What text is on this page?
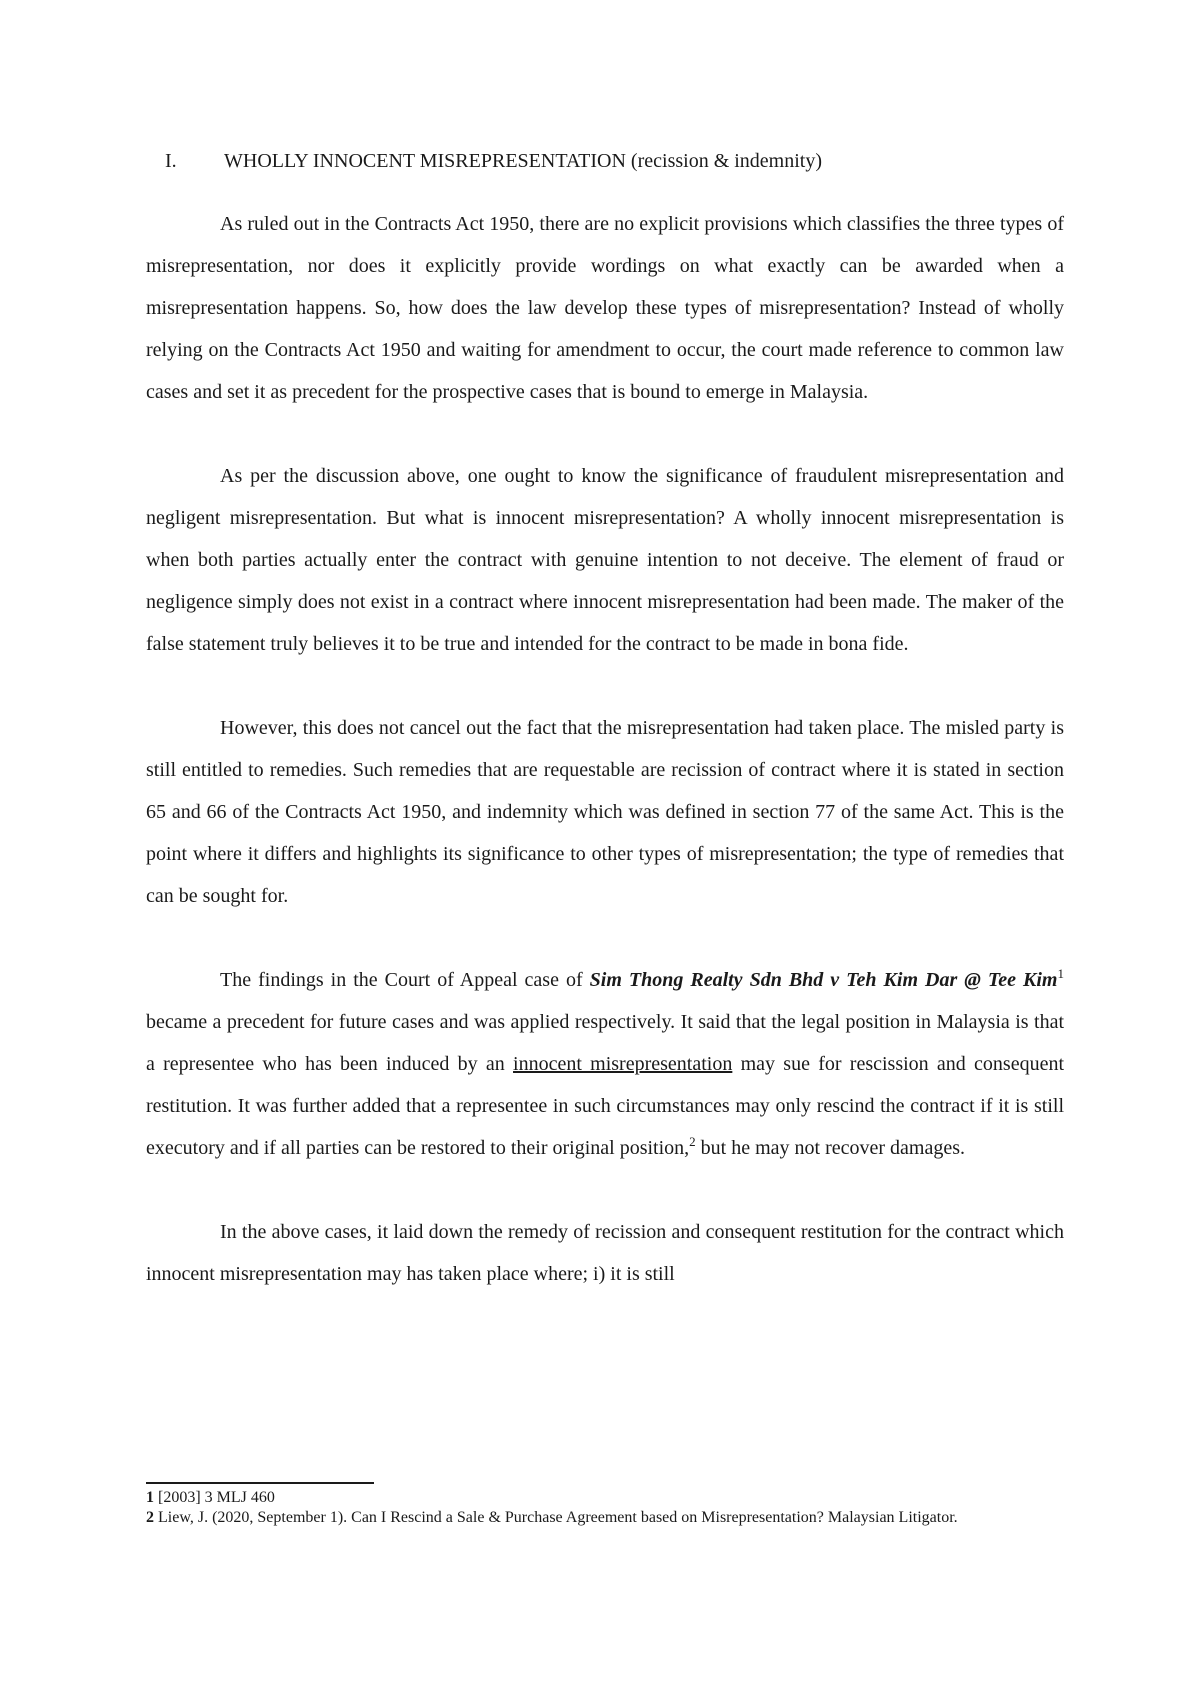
I. WHOLLY INNOCENT MISREPRESENTATION (recission & indemnity)

As ruled out in the Contracts Act 1950, there are no explicit provisions which classifies the three types of misrepresentation, nor does it explicitly provide wordings on what exactly can be awarded when a misrepresentation happens. So, how does the law develop these types of misrepresentation? Instead of wholly relying on the Contracts Act 1950 and waiting for amendment to occur, the court made reference to common law cases and set it as precedent for the prospective cases that is bound to emerge in Malaysia.

As per the discussion above, one ought to know the significance of fraudulent misrepresentation and negligent misrepresentation. But what is innocent misrepresentation? A wholly innocent misrepresentation is when both parties actually enter the contract with genuine intention to not deceive. The element of fraud or negligence simply does not exist in a contract where innocent misrepresentation had been made. The maker of the false statement truly believes it to be true and intended for the contract to be made in bona fide.

However, this does not cancel out the fact that the misrepresentation had taken place. The misled party is still entitled to remedies. Such remedies that are requestable are recission of contract where it is stated in section 65 and 66 of the Contracts Act 1950, and indemnity which was defined in section 77 of the same Act. This is the point where it differs and highlights its significance to other types of misrepresentation; the type of remedies that can be sought for.

The findings in the Court of Appeal case of Sim Thong Realty Sdn Bhd v Teh Kim Dar @ Tee Kim$^1$ became a precedent for future cases and was applied respectively. It said that the legal position in Malaysia is that a representee who has been induced by an innocent misrepresentation may sue for rescission and consequent restitution. It was further added that a representee in such circumstances may only rescind the contract if it is still executory and if all parties can be restored to their original position,$^2$ but he may not recover damages.

In the above cases, it laid down the remedy of recission and consequent restitution for the contract which innocent misrepresentation may has taken place where; i) it is still

1 [2003] 3 MLJ 460

2 Liew, J. (2020, September 1). Can I Rescind a Sale & Purchase Agreement based on Misrepresentation? Malaysian Litigator.
